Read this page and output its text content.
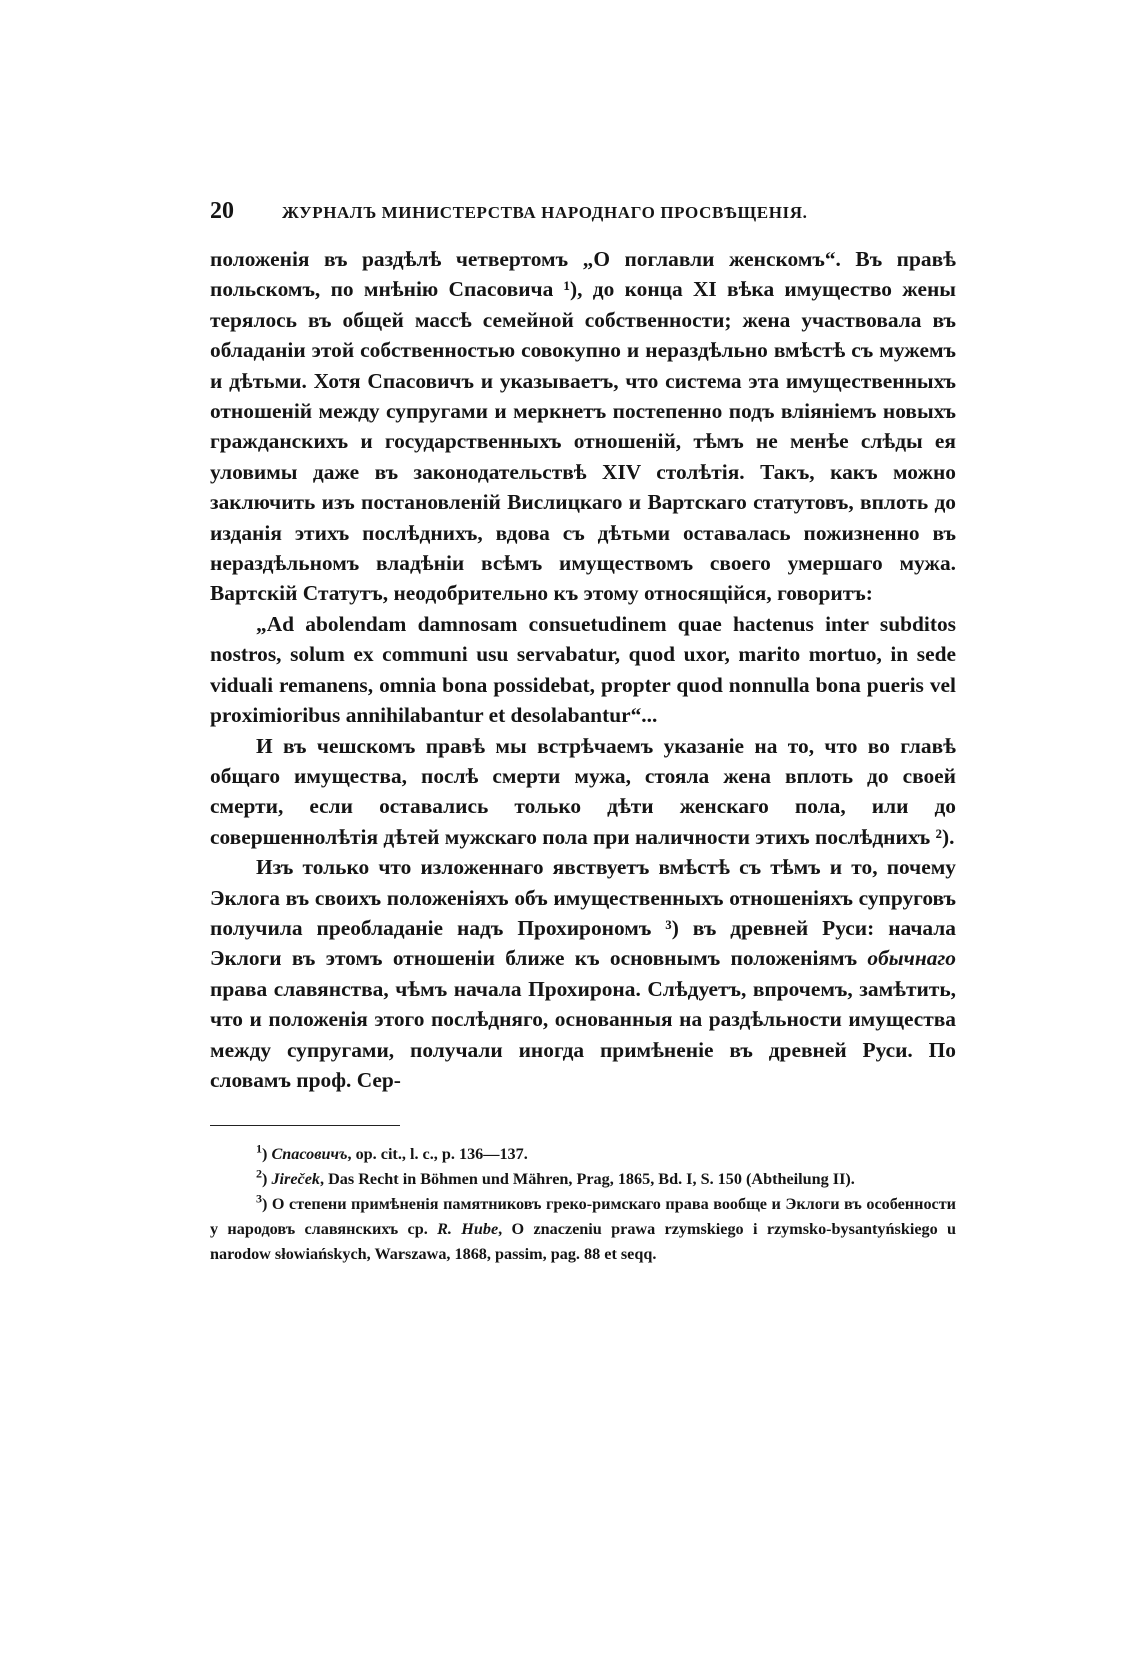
20	ЖУРНАЛЪ МИНИСТЕРСТВА НАРОДНАГО ПРОСВѢЩЕНІЯ.

положенія въ раздѣлѣ четвертомъ „О поглавли женскомъ“. Въ правѣ польскомъ, по мнѣнію Спасовича ¹), до конца XI вѣка имущество жены терялось въ общей массѣ семейной собственности; жена участвовала въ обладаніи этой собственностью совокупно и нераздѣльно вмѣстѣ съ мужемъ и дѣтьми. Хотя Спасовичъ и указываетъ, что система эта имущественныхъ отношеній между супругами и меркнетъ постепенно подъ вліяніемъ новыхъ гражданскихъ и государственныхъ отношеній, тѣмъ не менѣе слѣды ея уловимы даже въ законодательствѣ XIV столѣтія. Такъ, какъ можно заключить изъ постановленій Вислицкаго и Вартскаго статутовъ, вплоть до изданія этихъ послѣднихъ, вдова съ дѣтьми оставалась пожизненно въ нераздѣльномъ владѣніи всѣмъ имуществомъ своего умершаго мужа. Вартскій Статутъ, неодобрительно къ этому относящійся, говоритъ:

„Ad abolendam damnosam consuetudinem quae hactenus inter subditos nostros, solum ex communi usu servabatur, quod uxor, marito mortuo, in sede viduali remanens, omnia bona possidebat, propter quod nonnulla bona pueris vel proximioribus annihilabantur et desolabantur“...

И въ чешскомъ правѣ мы встрѣчаемъ указаніе на то, что во главѣ общаго имущества, послѣ смерти мужа, стояла жена вплоть до своей смерти, если оставались только дѣти женскаго пола, или до совершеннолѣтія дѣтей мужскаго пола при наличности этихъ послѣднихъ ²).

Изъ только что изложеннаго явствуетъ вмѣстѣ съ тѣмъ и то, почему Эклога въ своихъ положеніяхъ объ имущественныхъ отношеніяхъ супруговъ получила преобладаніе надъ Прохирономъ ³) въ древней Руси: начала Эклоги въ этомъ отношеніи ближе къ основнымъ положеніямъ обычнаго права славянства, чѣмъ начала Прохирона. Слѣдуетъ, впрочемъ, замѣтить, что и положенія этого послѣдняго, основанныя на раздѣльности имущества между супругами, получали иногда примѣненіе въ древней Руси. По словамъ проф. Сер-

$^1$) Спасовичъ, op. cit., l. c., p. 136—137.

$^2$) Jireček, Das Recht in Böhmen und Mähren, Prag, 1865, Bd. I, S. 150 (Abtheilung II).

$^3$) О степени примѣненія памятниковъ греко-римскаго права вообще и Эклоги въ особенности у народовъ славянскихъ ср. R. Hube, O znaczeniu prawa rzymskiego i rzymsko-bysantyńskiego u narodow słowiańskych, Warszawa, 1868, passim, pag. 88 et seqq.
